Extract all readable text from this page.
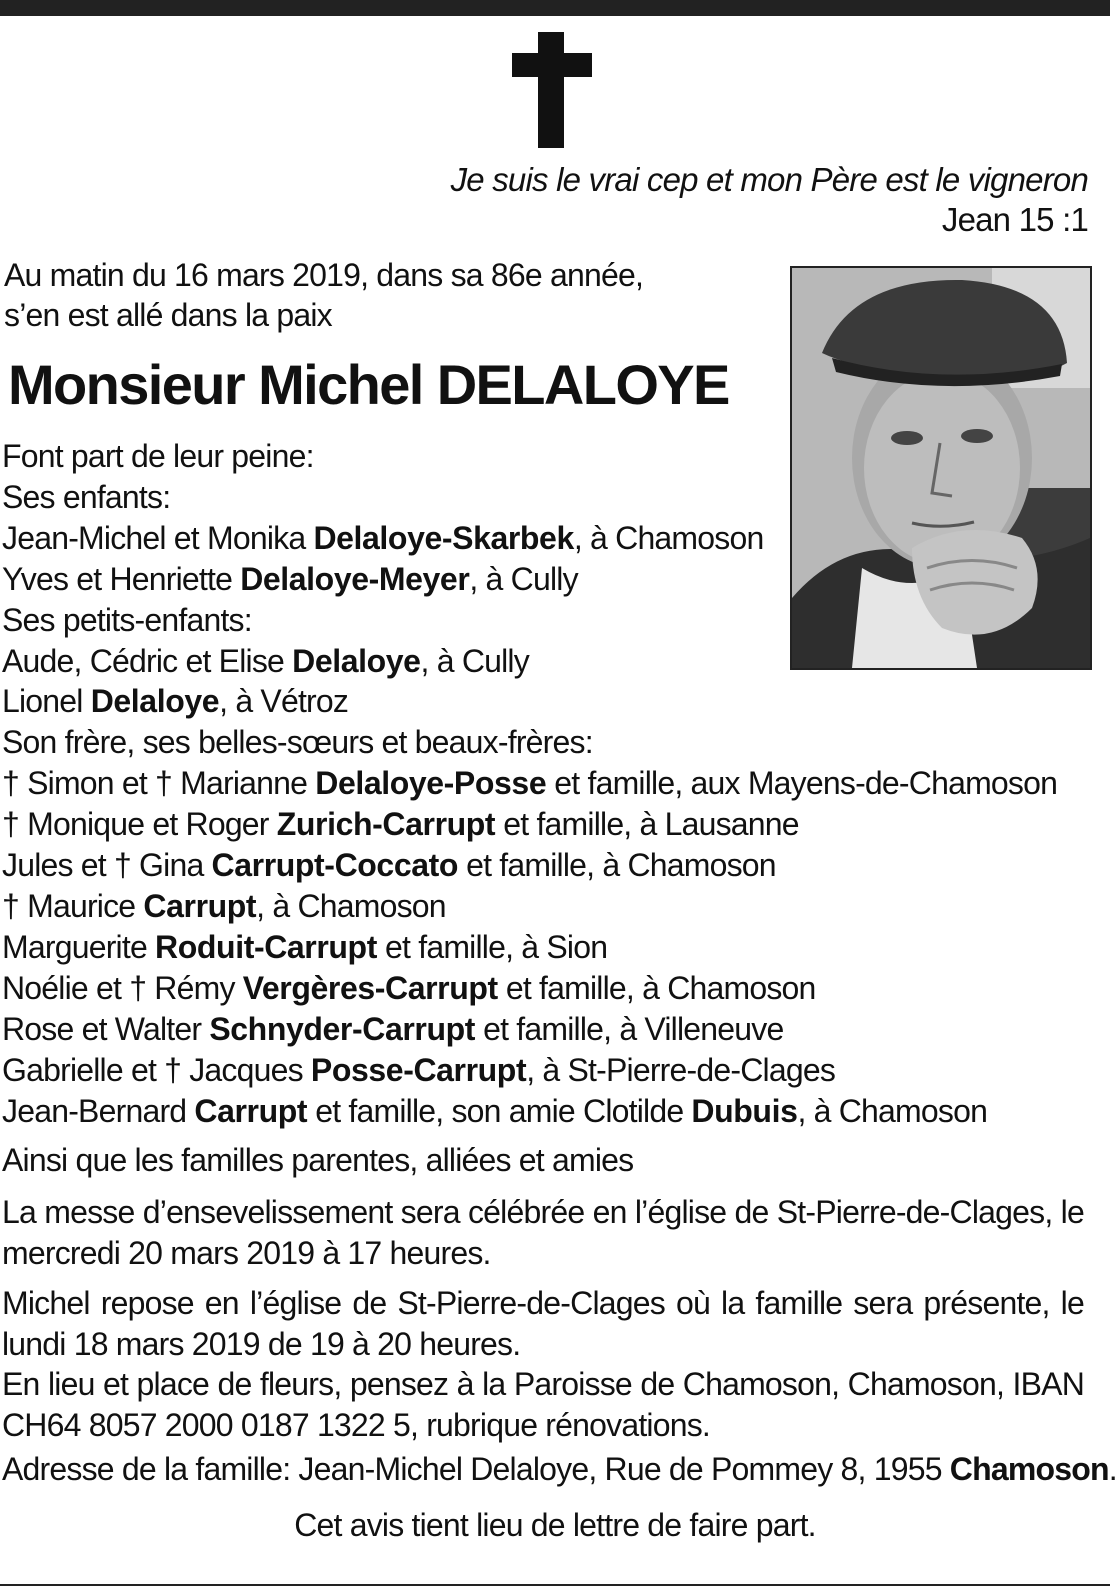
Je suis le vrai cep et mon Père est le vigneron
Jean 15 :1
Au matin du 16 mars 2019, dans sa 86e année,
s’en est allé dans la paix
Monsieur Michel DELALOYE
Font part de leur peine:
Ses enfants:
Jean-Michel et Monika Delaloye-Skarbek, à Chamoson
Yves et Henriette Delaloye-Meyer, à Cully
Ses petits-enfants:
Aude, Cédric et Elise Delaloye, à Cully
Lionel Delaloye, à Vétroz
Son frère, ses belles-sœurs et beaux-frères:
† Simon et † Marianne Delaloye-Posse et famille, aux Mayens-de-Chamoson
† Monique et Roger Zurich-Carrupt et famille, à Lausanne
Jules et † Gina Carrupt-Coccato et famille, à Chamoson
† Maurice Carrupt, à Chamoson
Marguerite Roduit-Carrupt et famille, à Sion
Noélie et † Rémy Vergères-Carrupt et famille, à Chamoson
Rose et Walter Schnyder-Carrupt et famille, à Villeneuve
Gabrielle et † Jacques Posse-Carrupt, à St-Pierre-de-Clages
Jean-Bernard Carrupt et famille, son amie Clotilde Dubuis, à Chamoson
Ainsi que les familles parentes, alliées et amies
La messe d’ensevelissement sera célébrée en l’église de St-Pierre-de-Clages, le mercredi 20 mars 2019 à 17 heures.
Michel repose en l’église de St-Pierre-de-Clages où la famille sera présente, le lundi 18 mars 2019 de 19 à 20 heures.
En lieu et place de fleurs, pensez à la Paroisse de Chamoson, Chamoson, IBAN CH64 8057 2000 0187 1322 5, rubrique rénovations.
Adresse de la famille: Jean-Michel Delaloye, Rue de Pommey 8, 1955 Chamoson.
Cet avis tient lieu de lettre de faire part.
